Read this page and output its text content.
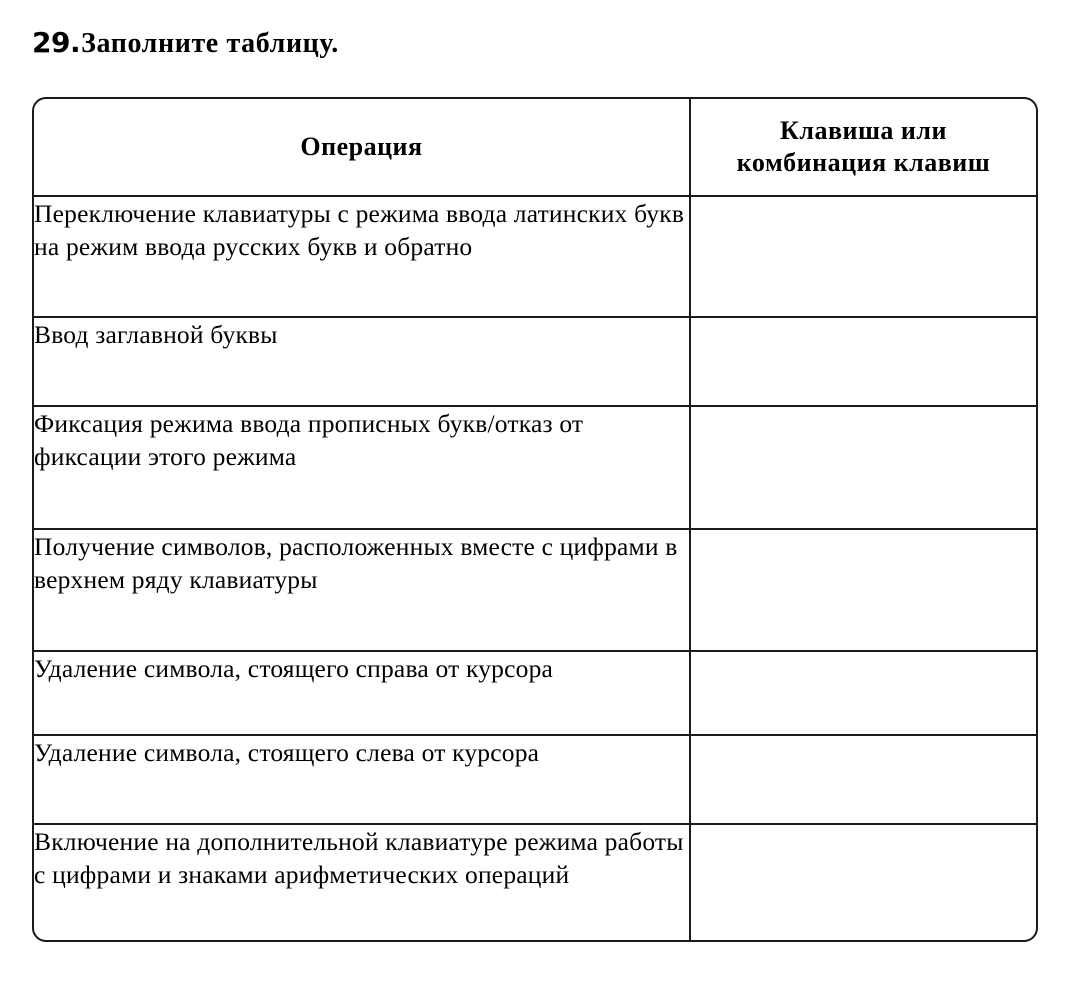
29. Заполните таблицу.
Операция	Клавиша или
комбинация клавиш

Переключение клавиатуры с режима ввода латинских букв на режим ввода русских букв и обратно	

Ввод заглавной буквы	

Фиксация режима ввода прописных букв/отказ от фиксации этого режима	

Получение символов, расположенных вместе с цифрами в верхнем ряду клавиатуры	

Удаление символа, стоящего справа от курсора	

Удаление символа, стоящего слева от курсора	

Включение на дополнительной клавиатуре режима работы с цифрами и знаками арифметических операций	
